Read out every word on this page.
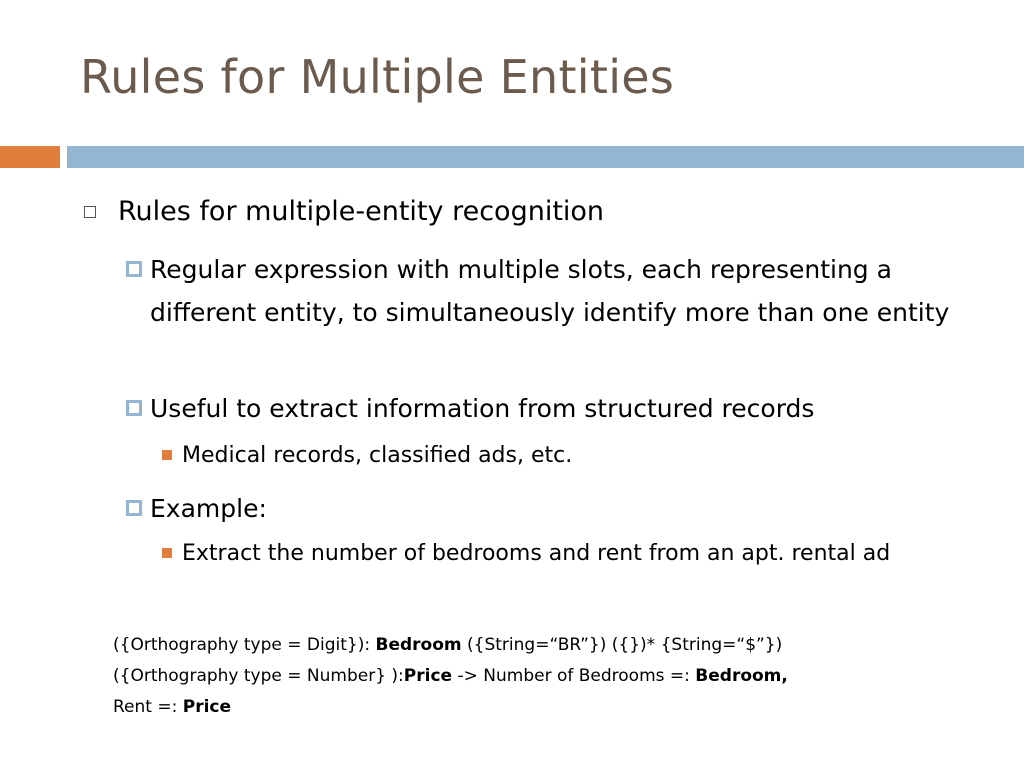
Rules for Multiple Entities
Rules for multiple-entity recognition
Regular expression with multiple slots, each representing a different entity, to simultaneously identify more than one entity
Useful to extract information from structured records
Medical records, classified ads, etc.
Example:
Extract the number of bedrooms and rent from an apt. rental ad
({Orthography type = Digit}): Bedroom ({String=“BR”}) ({})* {String=“$”})
({Orthography type = Number} ):Price -> Number of Bedrooms =: Bedroom,
Rent =: Price
